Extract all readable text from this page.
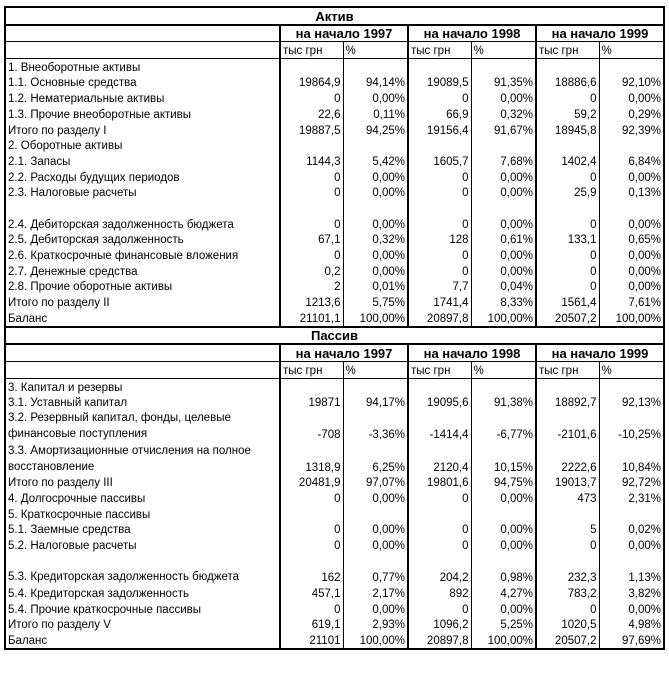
Актив						
	на начало 1997		на начало 1998		на начало 1999	
	тыс грн	%	тыс грн	%	тыс грн	%
1. Внеоборотные активы						
1.1. Основные средства	19864,9	94,14%	19089,5	91,35%	18886,6	92,10%
1.2. Нематериальные активы	0	0,00%	0	0,00%	0	0,00%
1.3. Прочие внеоборотные активы	22,6	0,11%	66,9	0,32%	59,2	0,29%
Итого по разделу I	19887,5	94,25%	19156,4	91,67%	18945,8	92,39%
2. Оборотные активы						
2.1. Запасы	1144,3	5,42%	1605,7	7,68%	1402,4	6,84%
2.2. Расходы будущих периодов	0	0,00%	0	0,00%	0	0,00%
2.3. Налоговые расчеты	0	0,00%	0	0,00%	25,9	0,13%

2.4. Дебиторская задолженность бюджета	0	0,00%	0	0,00%	0	0,00%
2.5. Дебиторская задолженность	67,1	0,32%	128	0,61%	133,1	0,65%
2.6. Краткосрочные финансовые вложения	0	0,00%	0	0,00%	0	0,00%
2.7. Денежные средства	0,2	0,00%	0	0,00%	0	0,00%
2.8. Прочие оборотные активы	2	0,01%	7,7	0,04%	0	0,00%
Итого по разделу II	1213,6	5,75%	1741,4	8,33%	1561,4	7,61%
Баланс	21101,1	100,00%	20897,8	100,00%	20507,2	100,00%
Пассив						
	на начало 1997		на начало 1998		на начало 1999	
	тыс грн	%	тыс грн	%	тыс грн	%
3. Капитал и резервы						
3.1. Уставный капитал	19871	94,17%	19095,6	91,38%	18892,7	92,13%
3.2. Резервный капитал, фонды, целевые финансовые поступления	-708	-3,36%	-1414,4	-6,77%	-2101,6	-10,25%
3.3. Амортизационные отчисления на полное восстановление	1318,9	6,25%	2120,4	10,15%	2222,6	10,84%
Итого по разделу III	20481,9	97,07%	19801,6	94,75%	19013,7	92,72%
4. Долгосрочные пассивы	0	0,00%	0	0,00%	473	2,31%
5. Краткосрочные пассивы						
5.1. Заемные средства	0	0,00%	0	0,00%	5	0,02%
5.2. Налоговые расчеты	0	0,00%	0	0,00%	0	0,00%
5.3. Кредиторская задолженность бюджета	162	0,77%	204,2	0,98%	232,3	1,13%
5.4. Кредиторская задолженность	457,1	2,17%	892	4,27%	783,2	3,82%
5.4. Прочие краткосрочные пассивы	0	0,00%	0	0,00%	0	0,00%
Итого по разделу V	619,1	2,93%	1096,2	5,25%	1020,5	4,98%
Баланс	21101	100,00%	20897,8	100,00%	20507,2	97,69%
